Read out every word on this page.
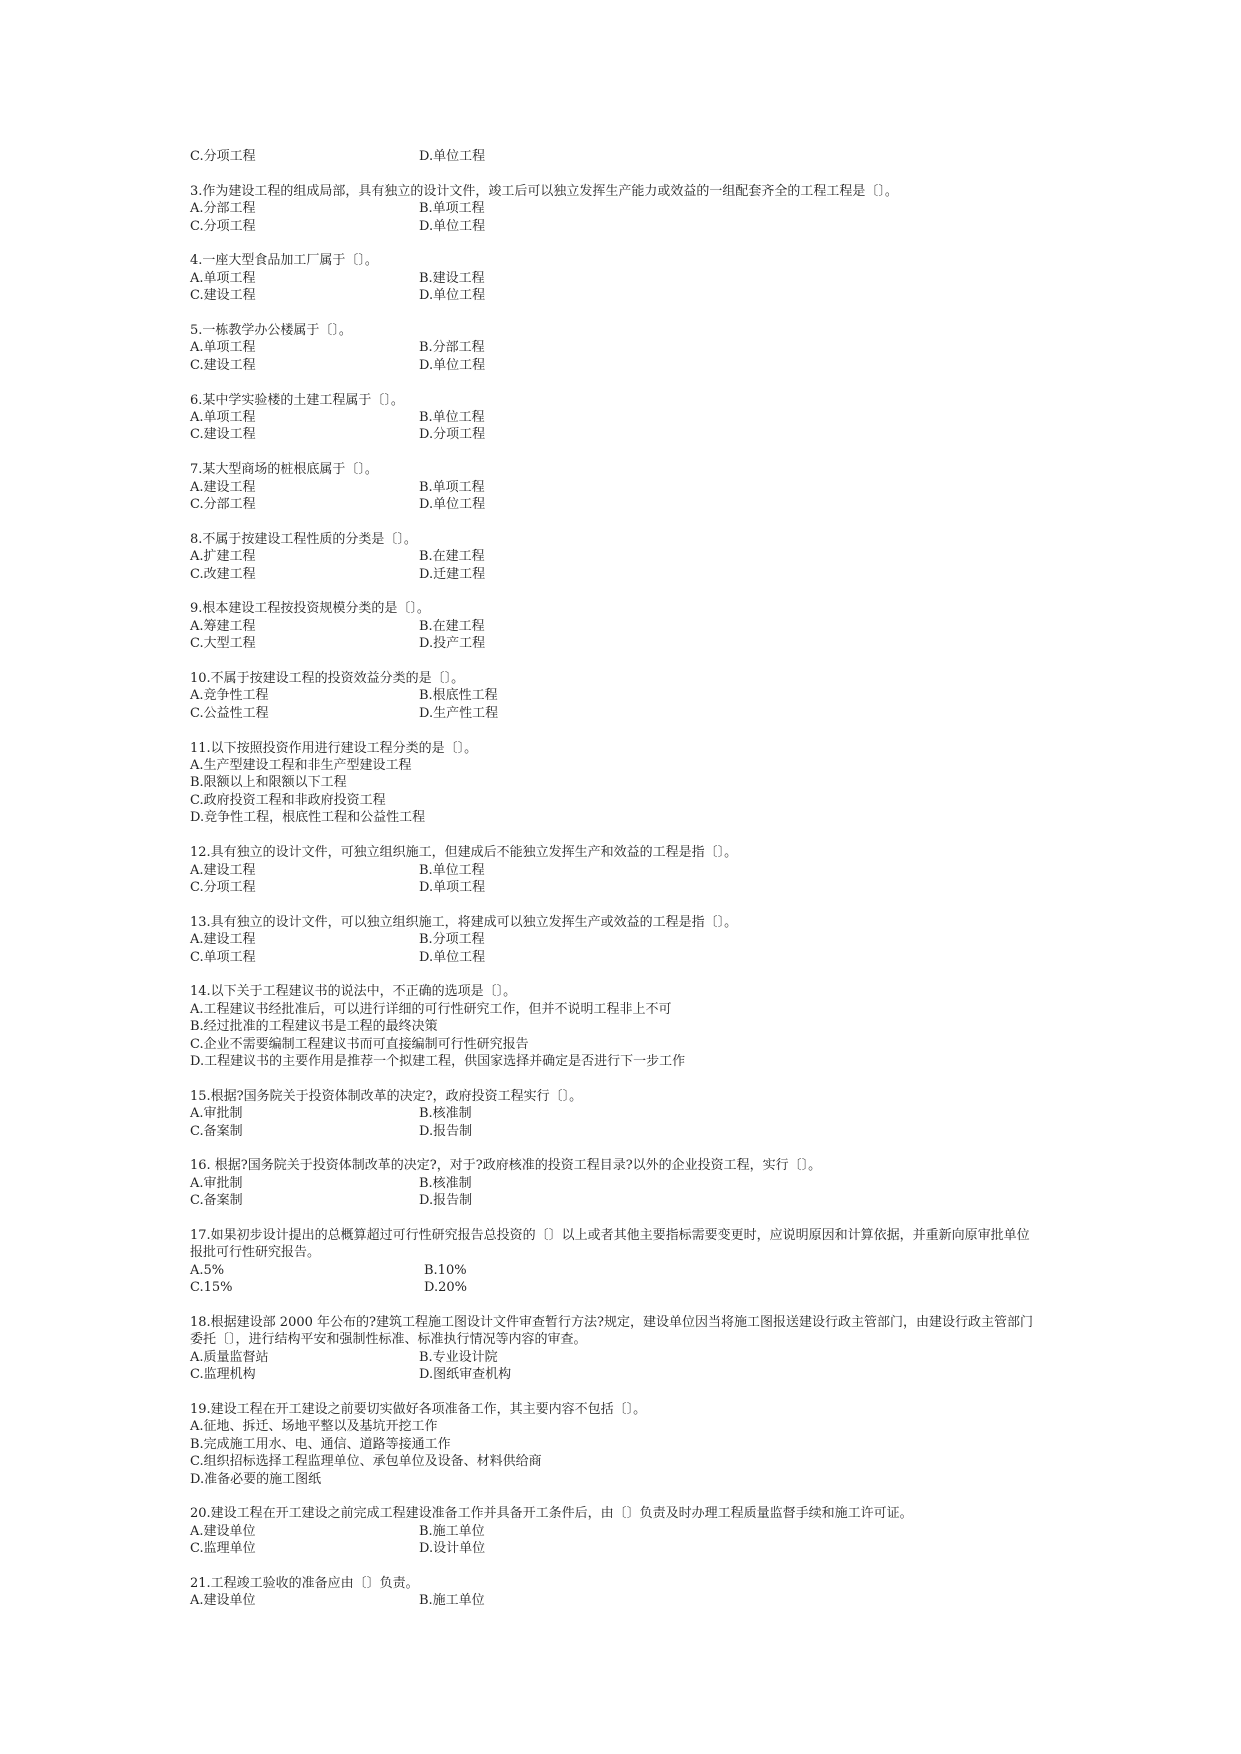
C.分项工程	D.单位工程
3.作为建设工程的组成局部，具有独立的设计文件，竣工后可以独立发挥生产能力或效益的一组配套齐全的工程工程是〔〕。
A.分部工程	B.单项工程
C.分项工程	D.单位工程
4.一座大型食品加工厂属于〔〕。
A.单项工程	B.建设工程
C.建设工程	D.单位工程
5.一栋教学办公楼属于〔〕。
A.单项工程	B.分部工程
C.建设工程	D.单位工程
6.某中学实验楼的土建工程属于〔〕。
A.单项工程	B.单位工程
C.建设工程	D.分项工程
7.某大型商场的桩根底属于〔〕。
A.建设工程	B.单项工程
C.分部工程	D.单位工程
8.不属于按建设工程性质的分类是〔〕。
A.扩建工程	B.在建工程
C.改建工程	D.迁建工程
9.根本建设工程按投资规模分类的是〔〕。
A.筹建工程	B.在建工程
C.大型工程	D.投产工程
10.不属于按建设工程的投资效益分类的是〔〕。
A.竞争性工程	B.根底性工程
C.公益性工程	D.生产性工程
11.以下按照投资作用进行建设工程分类的是〔〕。
A.生产型建设工程和非生产型建设工程
B.限额以上和限额以下工程
C.政府投资工程和非政府投资工程
D.竞争性工程，根底性工程和公益性工程
12.具有独立的设计文件，可独立组织施工，但建成后不能独立发挥生产和效益的工程是指〔〕。
A.建设工程	B.单位工程
C.分项工程	D.单项工程
13.具有独立的设计文件，可以独立组织施工，将建成可以独立发挥生产或效益的工程是指〔〕。
A.建设工程	B.分项工程
C.单项工程	D.单位工程
14.以下关于工程建议书的说法中，不正确的选项是〔〕。
A.工程建议书经批准后，可以进行详细的可行性研究工作，但并不说明工程非上不可
B.经过批准的工程建议书是工程的最终决策
C.企业不需要编制工程建议书而可直接编制可行性研究报告
D.工程建议书的主要作用是推荐一个拟建工程，供国家选择并确定是否进行下一步工作
15.根据?国务院关于投资体制改革的决定?，政府投资工程实行〔〕。
A.审批制	B.核准制
C.备案制	D.报告制
16. 根据?国务院关于投资体制改革的决定?，对于?政府核准的投资工程目录?以外的企业投资工程，实行〔〕。
A.审批制	B.核准制
C.备案制	D.报告制
17.如果初步设计提出的总概算超过可行性研究报告总投资的〔〕以上或者其他主要指标需要变更时，应说明原因和计算依据，并重新向原审批单位
报批可行性研究报告。
A.5%	B.10%
C.15%	D.20%
18.根据建设部 2000 年公布的?建筑工程施工图设计文件审查暂行方法?规定，建设单位因当将施工图报送建设行政主管部门，由建设行政主管部门
委托〔〕，进行结构平安和强制性标准、标准执行情况等内容的审查。
A.质量监督站	B.专业设计院
C.监理机构	D.图纸审查机构
19.建设工程在开工建设之前要切实做好各项准备工作，其主要内容不包括〔〕。
A.征地、拆迁、场地平整以及基坑开挖工作
B.完成施工用水、电、通信、道路等接通工作
C.组织招标选择工程监理单位、承包单位及设备、材料供给商
D.准备必要的施工图纸
20.建设工程在开工建设之前完成工程建设准备工作并具备开工条件后，由〔〕负责及时办理工程质量监督手续和施工许可证。
A.建设单位	B.施工单位
C.监理单位	D.设计单位
21.工程竣工验收的准备应由〔〕负责。
A.建设单位	B.施工单位
